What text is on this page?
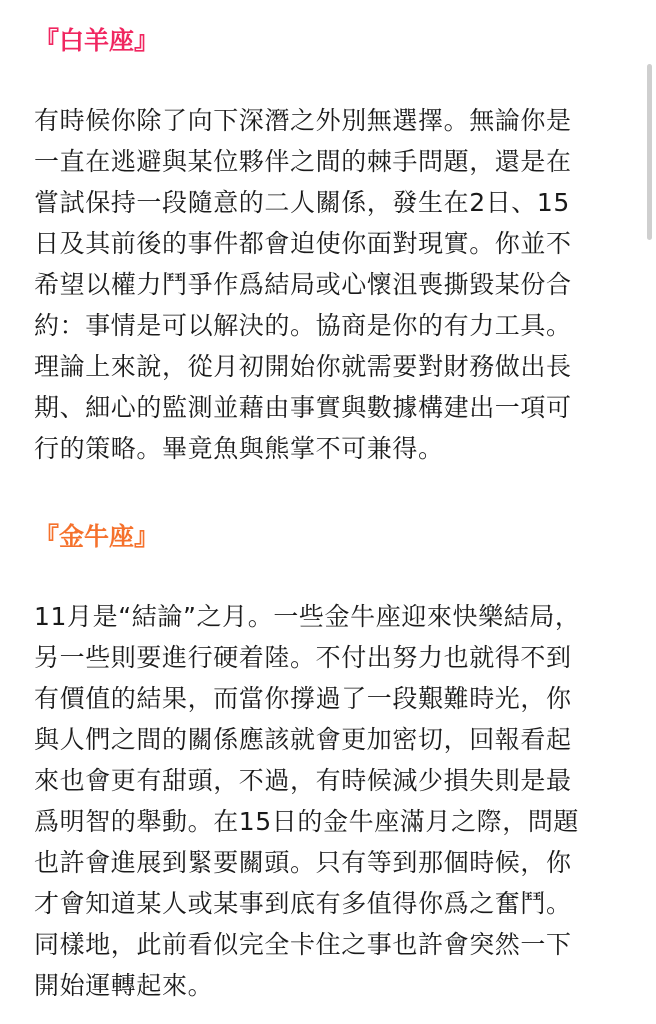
『白羊座』
有時候你除了向下深潛之外別無選擇。無論你是
一直在逃避與某位夥伴之間的棘手問題，還是在
嘗試保持一段隨意的二人關係，發生在2日、15
日及其前後的事件都會迫使你面對現實。你並不
希望以權力鬥爭作爲結局或心懷沮喪撕毀某份合
約：事情是可以解決的。協商是你的有力工具。
理論上來說，從月初開始你就需要對財務做出長
期、細心的監測並藉由事實與數據構建出一項可
行的策略。畢竟魚與熊掌不可兼得。
『金牛座』
11月是“結論”之月。一些金牛座迎來快樂結局，
另一些則要進行硬着陸。不付出努力也就得不到
有價值的結果，而當你撐過了一段艱難時光，你
與人們之間的關係應該就會更加密切，回報看起
來也會更有甜頭，不過，有時候減少損失則是最
爲明智的舉動。在15日的金牛座滿月之際，問題
也許會進展到緊要關頭。只有等到那個時候，你
才會知道某人或某事到底有多值得你爲之奮鬥。
同樣地，此前看似完全卡住之事也許會突然一下
開始運轉起來。
